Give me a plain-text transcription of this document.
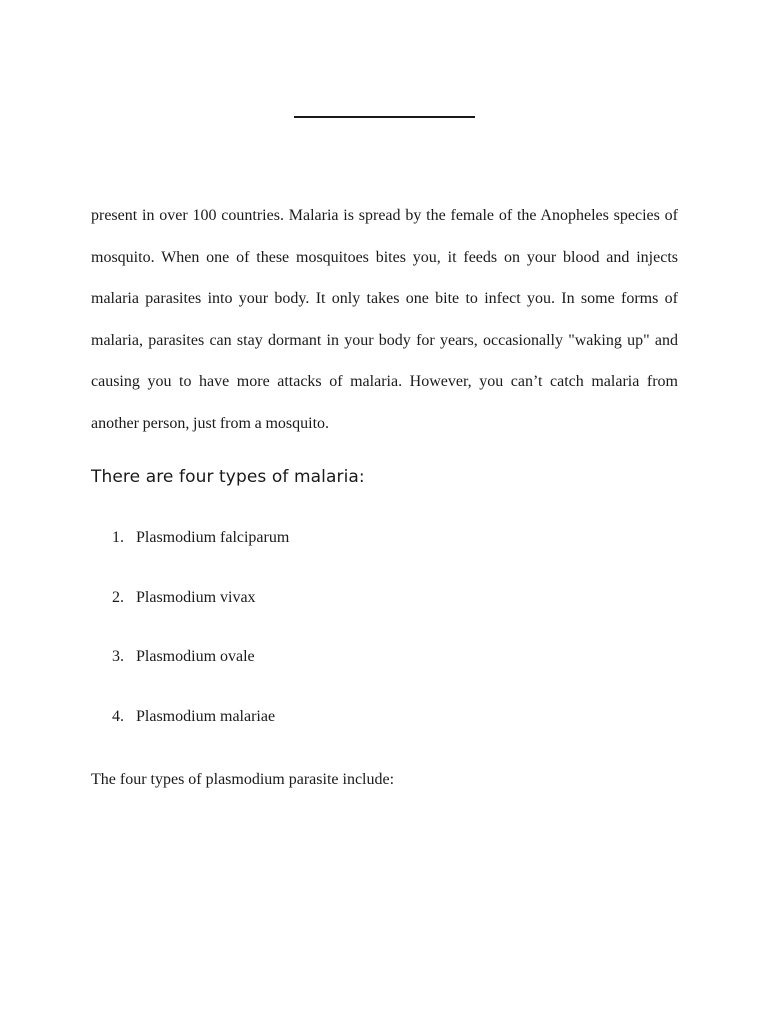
present in over 100 countries. Malaria is spread by the female of the Anopheles species of mosquito. When one of these mosquitoes bites you, it feeds on your blood and injects malaria parasites into your body. It only takes one bite to infect you. In some forms of malaria, parasites can stay dormant in your body for years, occasionally "waking up" and causing you to have more attacks of malaria. However, you can’t catch malaria from another person, just from a mosquito.

There are four types of malaria:
1. Plasmodium falciparum
2. Plasmodium vivax
3. Plasmodium ovale
4. Plasmodium malariae

The four types of plasmodium parasite include:
